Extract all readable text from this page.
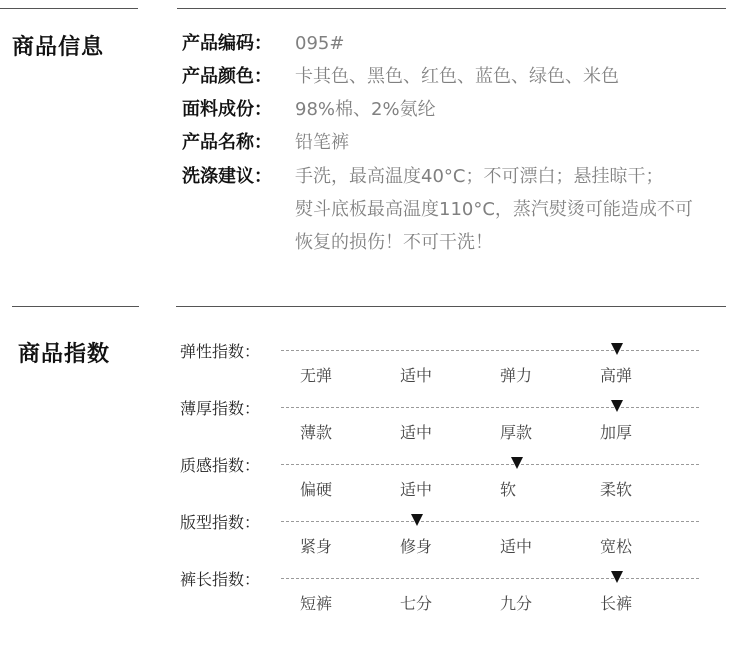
商品信息	产品编码： 095#
产品颜色： 卡其色、黑色、红色、蓝色、绿色、米色
面料成份： 98%棉、2%氨纶
产品名称： 铅笔裤
洗涤建议：	手洗，最高温度40°C；不可漂白；悬挂晾干；
熨斗底板最高温度110°C，蒸汽熨烫可能造成不可
恢复的损伤！不可干洗！
商品指数	弹性指数：
无弹	适中	弹力	高弹
薄厚指数：
薄款	适中	厚款	加厚
质感指数：
偏硬	适中	软	柔软
版型指数：
紧身	修身	适中	宽松
裤长指数：
短裤	七分	九分	长裤
